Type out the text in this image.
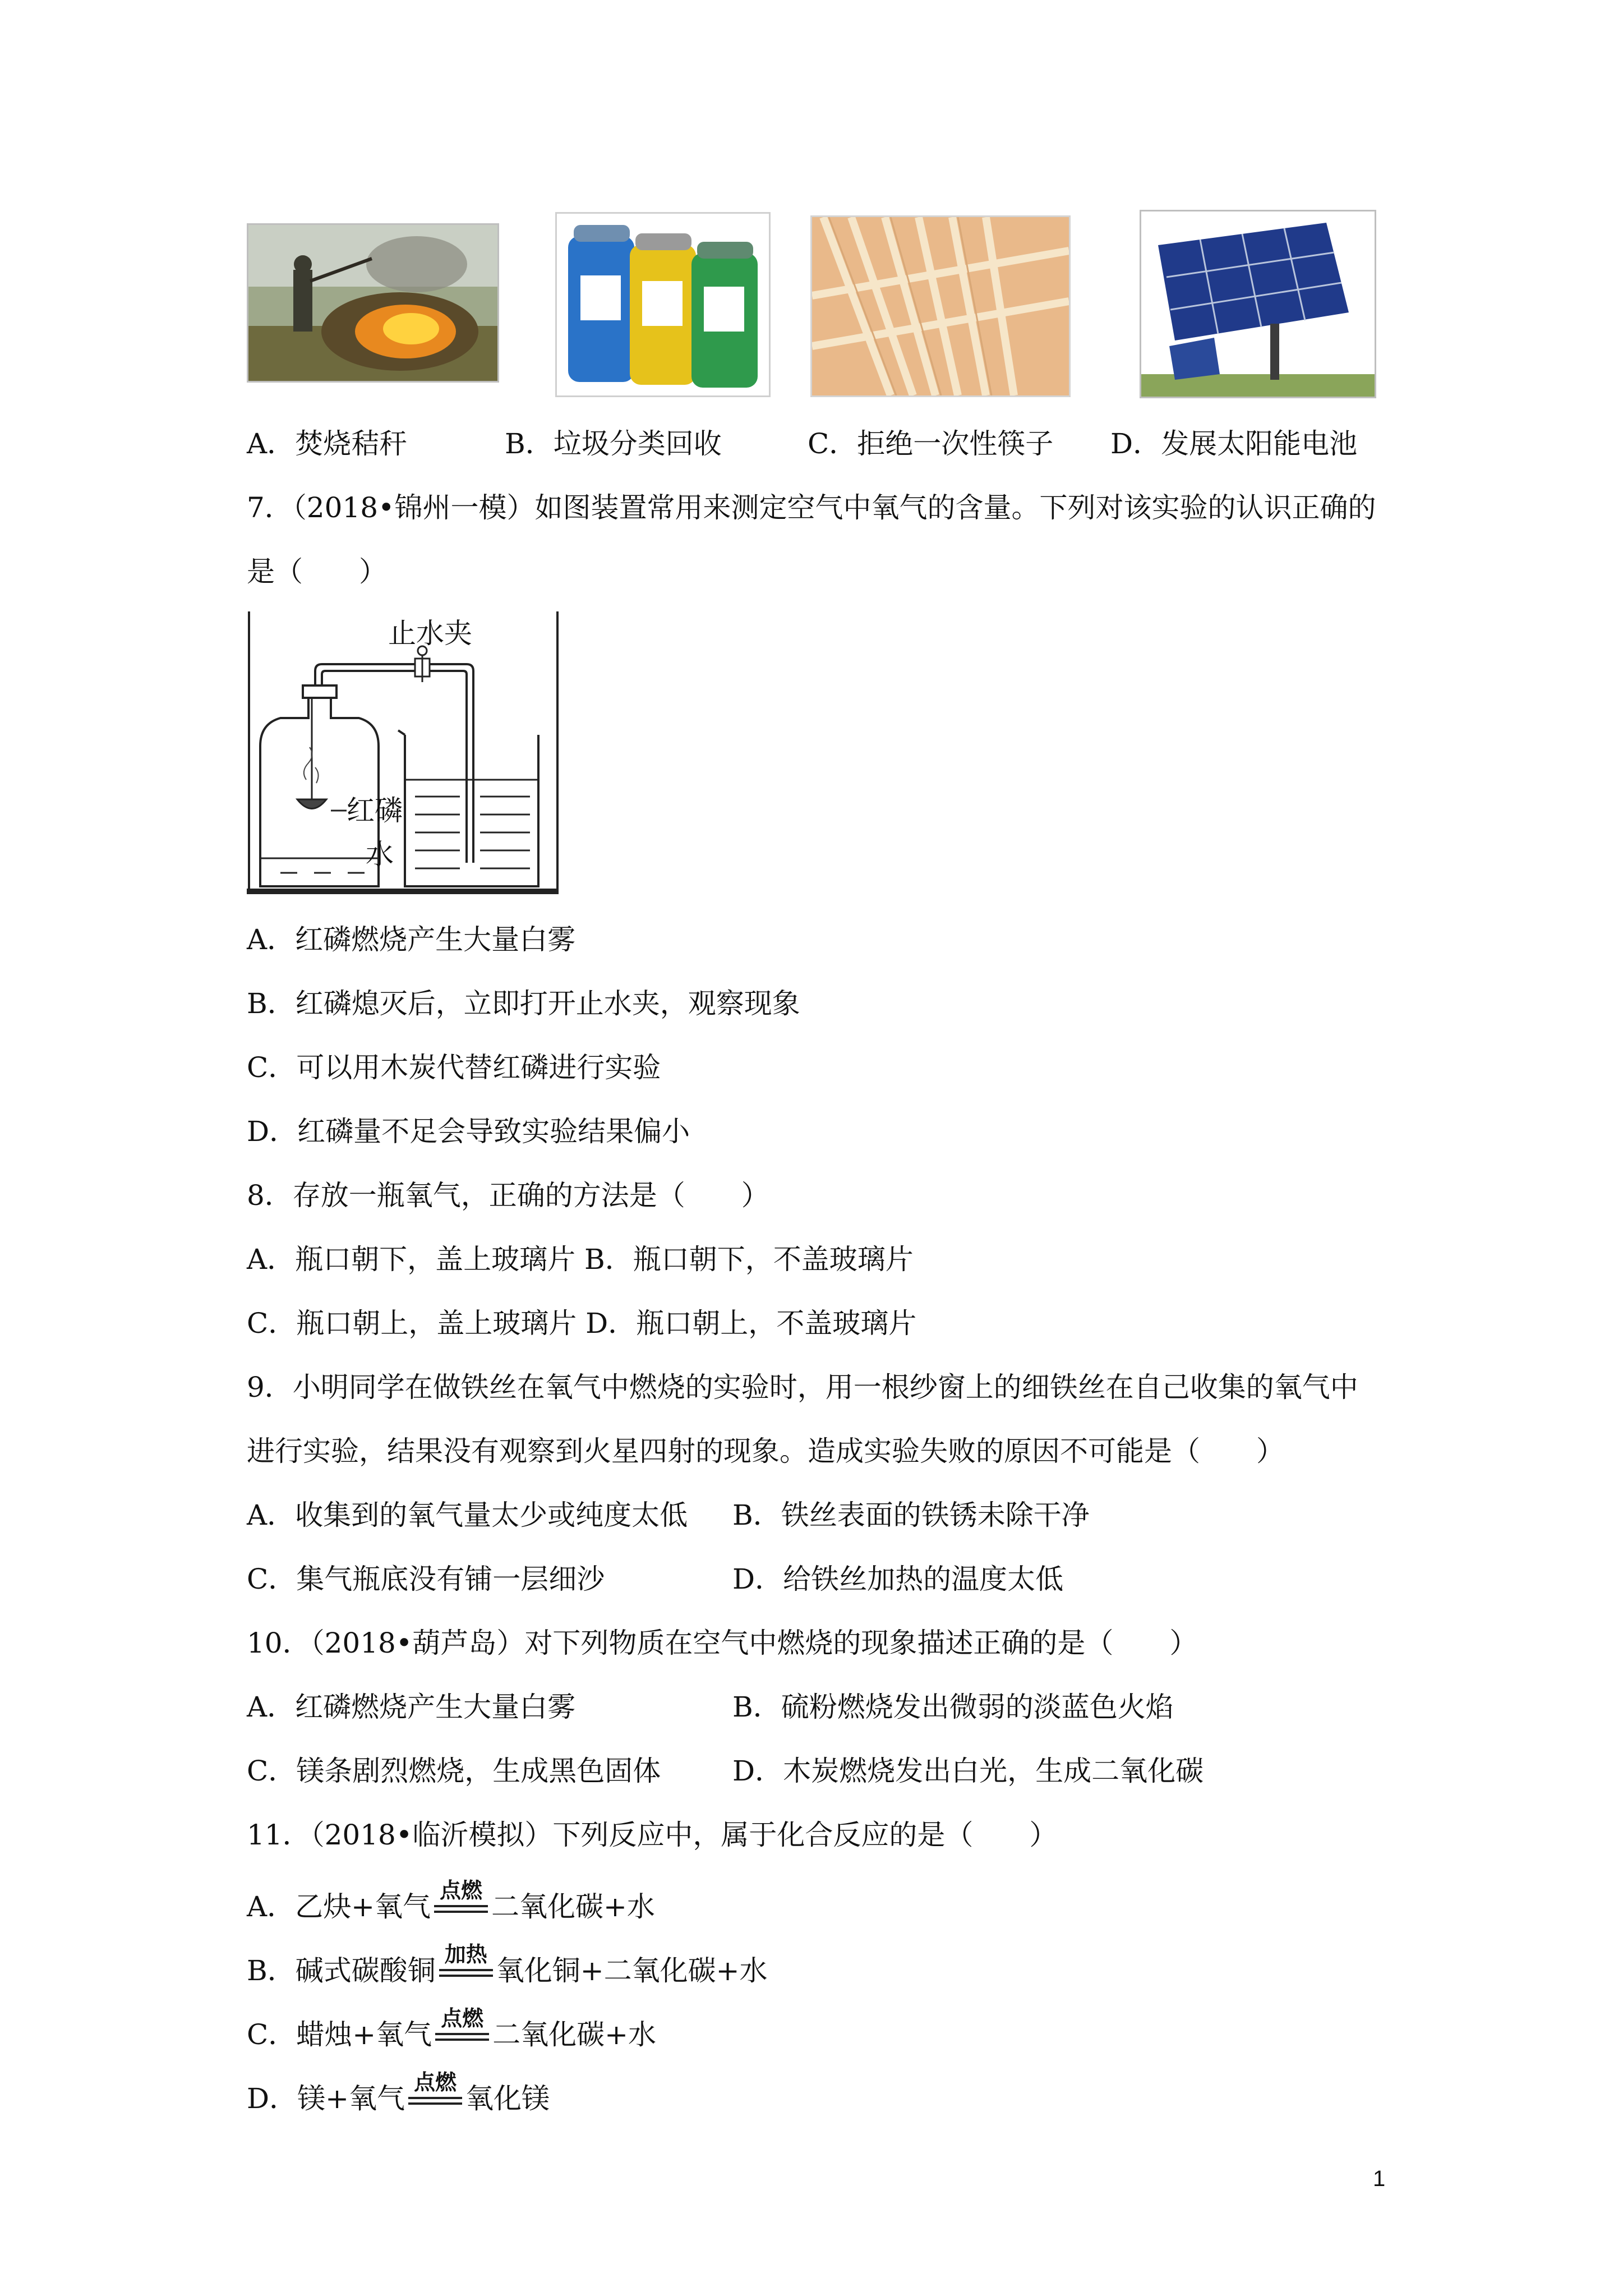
A．焚烧秸秆	B．垃圾分类回收	C．拒绝一次性筷子 D．发展太阳能电池
7．（2018•锦州一模）如图装置常用来测定空气中氧气的含量。下列对该实验的认识正确的
是（　　）
止水夹
红磷
水
A．红磷燃烧产生大量白雾
B．红磷熄灭后，立即打开止水夹，观察现象
C．可以用木炭代替红磷进行实验
D．红磷量不足会导致实验结果偏小
8．存放一瓶氧气，正确的方法是（　　）
A．瓶口朝下，盖上玻璃片 B．瓶口朝下，不盖玻璃片
C．瓶口朝上，盖上玻璃片 D．瓶口朝上，不盖玻璃片
9．小明同学在做铁丝在氧气中燃烧的实验时，用一根纱窗上的细铁丝在自己收集的氧气中
进行实验，结果没有观察到火星四射的现象。造成实验失败的原因不可能是（　　）
A．收集到的氧气量太少或纯度太低 B．铁丝表面的铁锈未除干净
C．集气瓶底没有铺一层细沙	D．给铁丝加热的温度太低
10．（2018•葫芦岛）对下列物质在空气中燃烧的现象描述正确的是（　　）
A．红磷燃烧产生大量白雾	B．硫粉燃烧发出微弱的淡蓝色火焰
C．镁条剧烈燃烧，生成黑色固体	D．木炭燃烧发出白光，生成二氧化碳
11．（2018•临沂模拟）下列反应中，属于化合反应的是（　　）
A．乙炔+氧气 点燃 二氧化碳+水
B．碱式碳酸铜 加热 氧化铜+二氧化碳+水
C．蜡烛+氧气 点燃 二氧化碳+水
D．镁+氧气 点燃 氧化镁
1
